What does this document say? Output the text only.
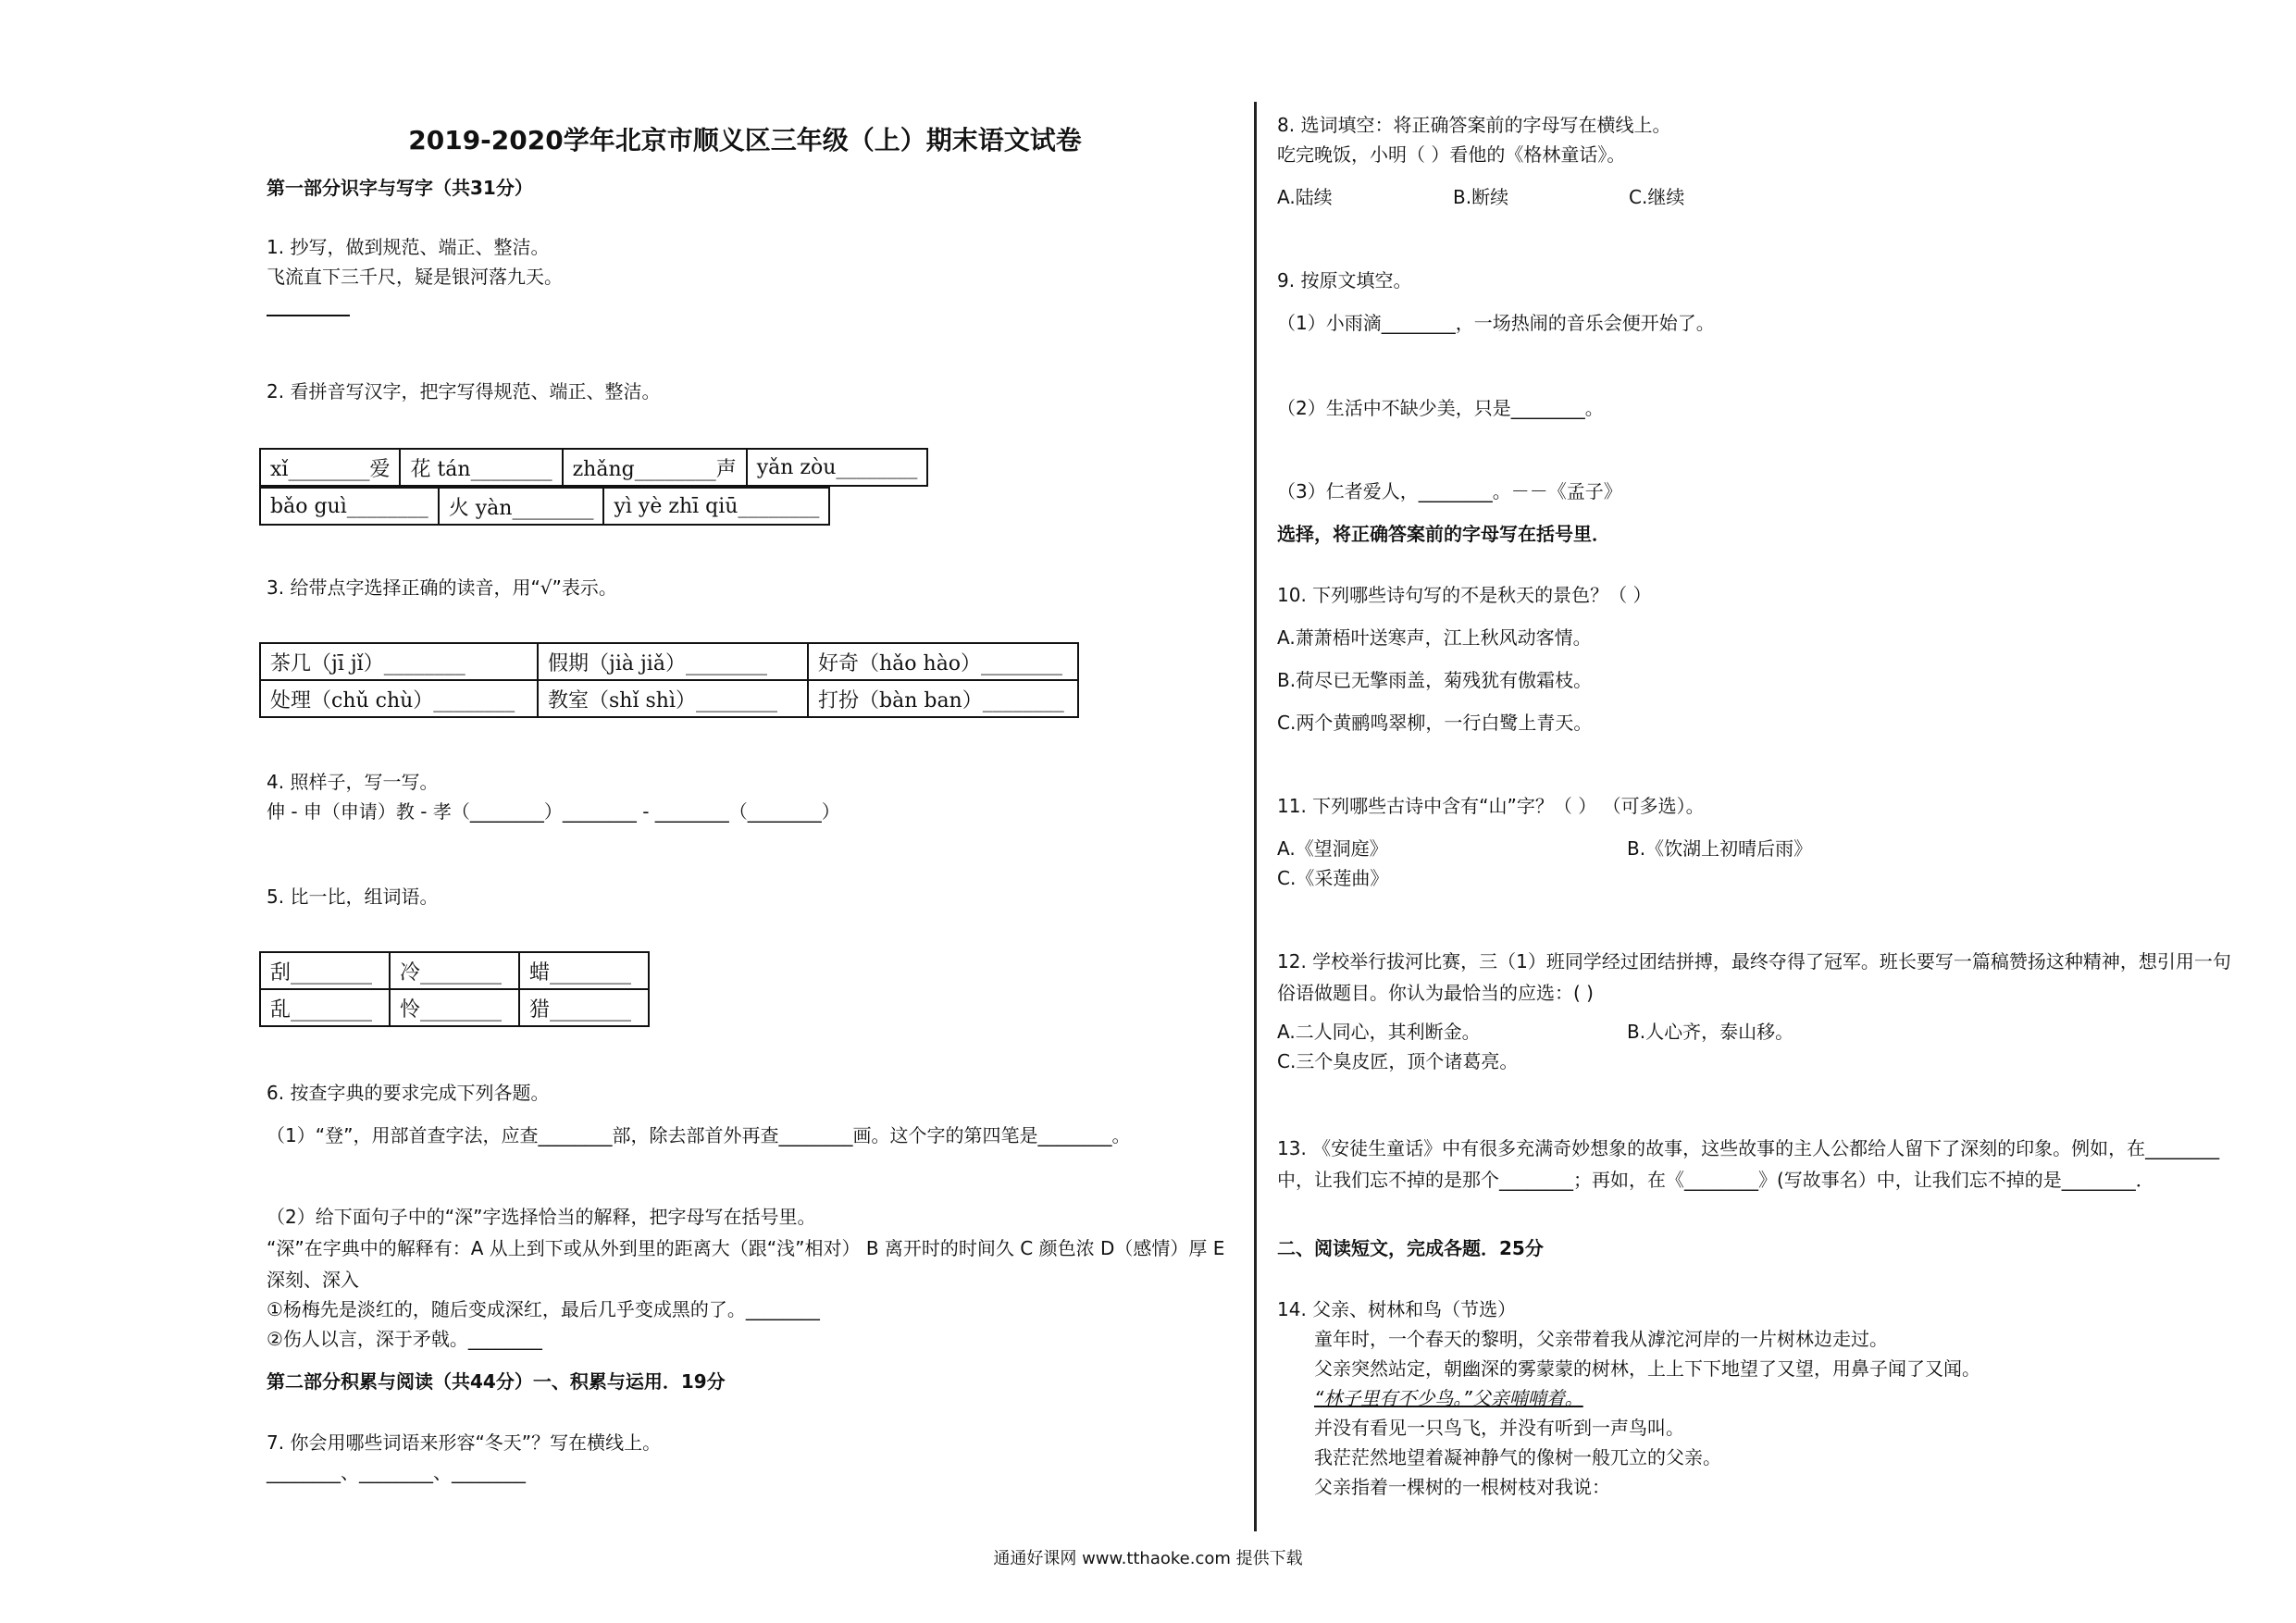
2019-2020学年北京市顺义区三年级（上）期末语文试卷
第一部分识字与写字（共31分）
1. 抄写，做到规范、端正、整洁。
飞流直下三千尺，疑是银河落九天。
2. 看拼音写汉字，把字写得规范、端正、整洁。
xǐ________爱	花 tán________	zhǎng________声	yǎn zòu________
bǎo guì________	火 yàn________	yì yè zhī qiū________
3. 给带点字选择正确的读音，用“√”表示。
茶几（jī jǐ）________	假期（jià jiǎ）________	好奇（hǎo hào）________
处理（chǔ chù）________	教室（shǐ shì）________	打扮（bàn ban）________
4. 照样子，写一写。
伸 - 申（申请）教 - 孝（________）________ - ________（________）
5. 比一比，组词语。
刮________	冷________	蜡________
乱________	怜________	猎________
6. 按查字典的要求完成下列各题。
（1）“登”，用部首查字法，应查________部，除去部首外再查________画。这个字的第四笔是________。
（2）给下面句子中的“深”字选择恰当的解释，把字母写在括号里。
“深”在字典中的解释有：A 从上到下或从外到里的距离大（跟“浅”相对） B 离开时的时间久 C 颜色浓 D（感情）厚 E 深刻、深入
①杨梅先是淡红的，随后变成深红，最后几乎变成黑的了。________
②伤人以言，深于矛戟。________
第二部分积累与阅读（共44分）一、积累与运用．19分
7. 你会用哪些词语来形容“冬天”？写在横线上。
________、________、________
8. 选词填空：将正确答案前的字母写在横线上。
吃完晚饭，小明（ ）看他的《格林童话》。
A.陆续	B.断续	C.继续
9. 按原文填空。
（1）小雨滴________，一场热闹的音乐会便开始了。
（2）生活中不缺少美，只是________。
（3）仁者爱人，________。－－《孟子》
选择，将正确答案前的字母写在括号里．
10. 下列哪些诗句写的不是秋天的景色？（ ）
A.萧萧梧叶送寒声，江上秋风动客情。
B.荷尽已无擎雨盖，菊残犹有傲霜枝。
C.两个黄鹂鸣翠柳，一行白鹭上青天。
11. 下列哪些古诗中含有“山”字？（ ） （可多选）。
A.《望洞庭》	B.《饮湖上初晴后雨》
C.《采莲曲》
12. 学校举行拔河比赛，三（1）班同学经过团结拼搏，最终夺得了冠军。班长要写一篇稿赞扬这种精神，想引用一句俗语做题目。你认为最恰当的应选：( )
A.二人同心，其利断金。	B.人心齐，泰山移。
C.三个臭皮匠，顶个诸葛亮。
13. 《安徒生童话》中有很多充满奇妙想象的故事，这些故事的主人公都给人留下了深刻的印象。例如，在________中，让我们忘不掉的是那个________；再如，在《________》(写故事名）中，让我们忘不掉的是________．
二、阅读短文，完成各题．25分
14. 父亲、树林和鸟（节选）
童年时，一个春天的黎明，父亲带着我从滹沱河岸的一片树林边走过。
父亲突然站定，朝幽深的雾蒙蒙的树林，上上下下地望了又望，用鼻子闻了又闻。
“林子里有不少鸟。”父亲喃喃着。
并没有看见一只鸟飞，并没有听到一声鸟叫。
我茫茫然地望着凝神静气的像树一般兀立的父亲。
父亲指着一棵树的一根树枝对我说：
通通好课网 www.tthaoke.com 提供下载
